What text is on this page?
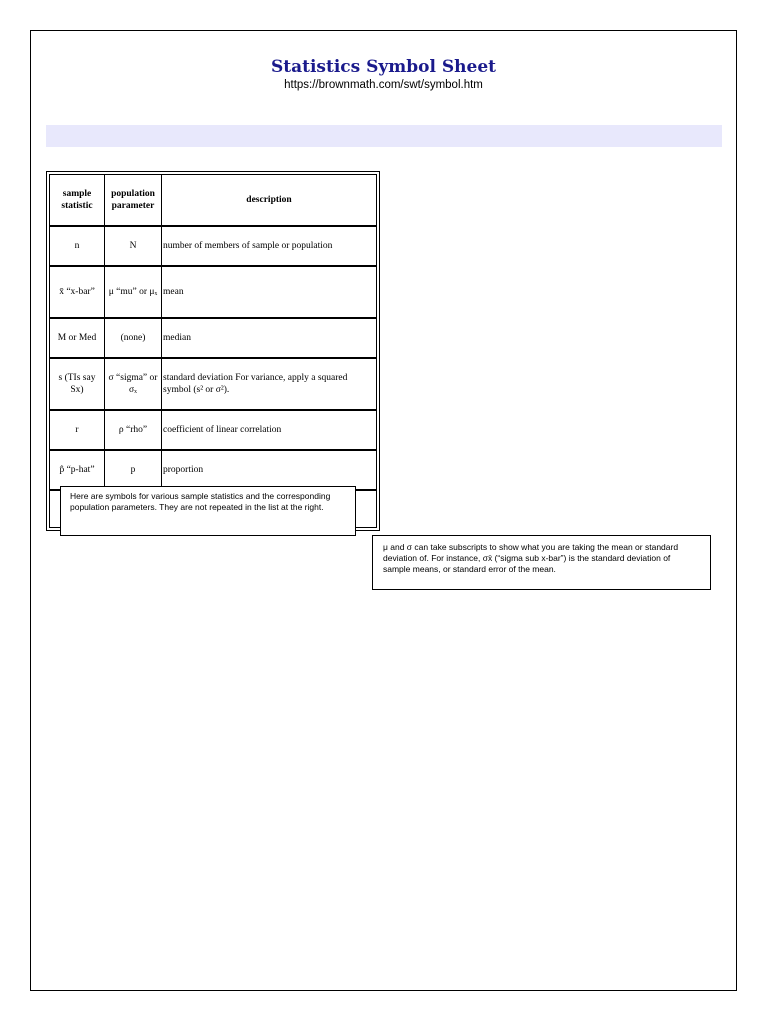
Statistics Symbol Sheet
https://brownmath.com/swt/symbol.htm
sample statistic	population parameter	description
n	N	number of members of sample or population
x̄ “x-bar”	μ “mu” or μₓ	mean
M or Med	(none)	median
s (TIs say Sx)	σ “sigma” or σₓ	standard deviation For variance, apply a squared symbol (s² or σ²).
r	ρ “rho”	coefficient of linear correlation
p̂ “p-hat”	p	proportion

Here are symbols for various sample statistics and the corresponding population parameters. They are not repeated in the list at the right.
μ and σ can take subscripts to show what you are taking the mean or standard deviation of. For instance, σx̄ (“sigma sub x-bar”) is the standard deviation of sample means, or standard error of the mean.
